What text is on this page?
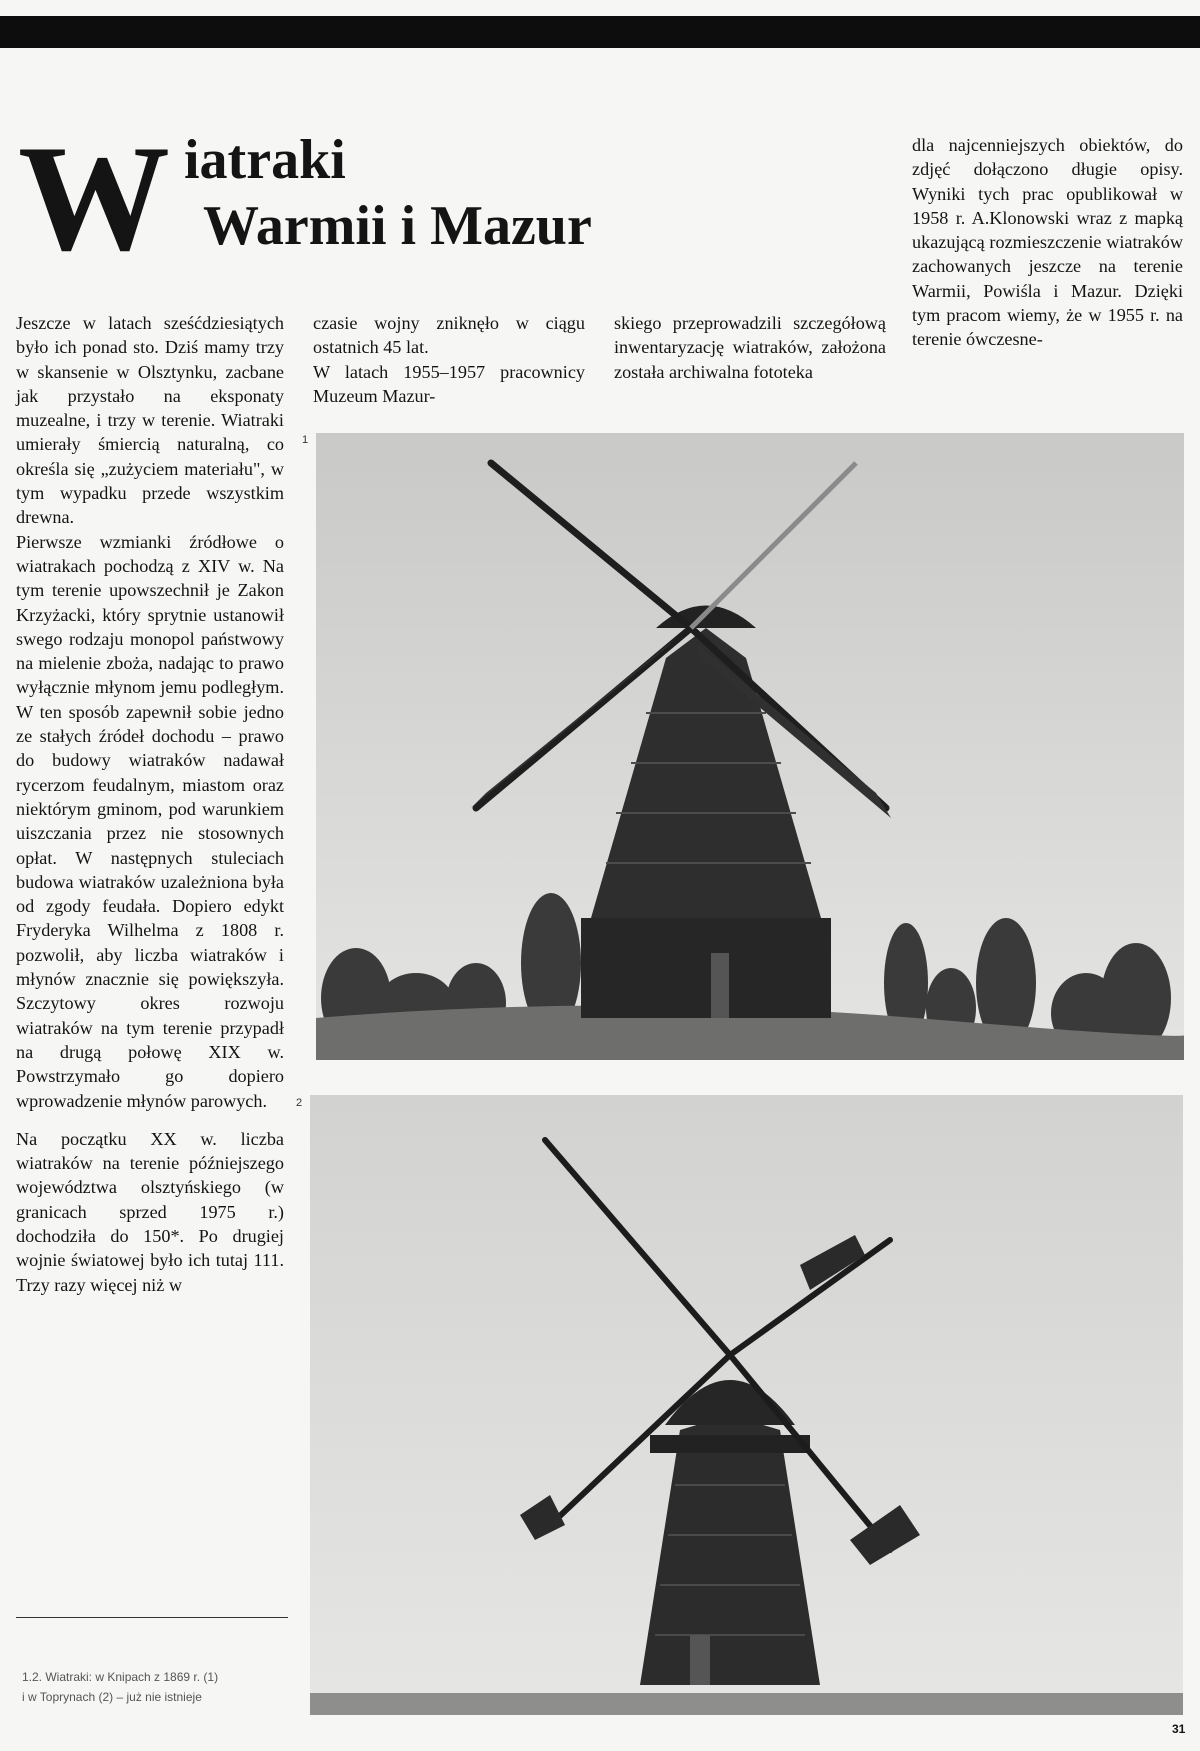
W iatraki
Warmii i Mazur

Jeszcze w latach sześćdziesiątych było ich ponad sto. Dziś mamy trzy w skansenie w Olsztynku, zacbane jak przystało na eksponaty muzealne, i trzy w terenie. Wiatraki umierały śmiercią naturalną, co określa się „zużyciem materiału", w tym wypadku przede wszystkim drewna.

Pierwsze wzmianki źródłowe o wiatrakach pochodzą z XIV w. Na tym terenie upowszechnił je Zakon Krzyżacki, który sprytnie ustanowił swego rodzaju monopol państwowy na mielenie zboża, nadając to prawo wyłącznie młynom jemu podległym. W ten sposób zapewnił sobie jedno ze stałych źródeł dochodu – prawo do budowy wiatraków nadawał rycerzom feudalnym, miastom oraz niektórym gminom, pod warunkiem uiszczania przez nie stosownych opłat. W następnych stuleciach budowa wiatraków uzależniona była od zgody feudała. Dopiero edykt Fryderyka Wilhelma z 1808 r. pozwolił, aby liczba wiatraków i młynów znacznie się powiększyła. Szczytowy okres rozwoju wiatraków na tym terenie przypadł na drugą połowę XIX w. Powstrzymało go dopiero wprowadzenie młynów parowych.

Na początku XX w. liczba wiatraków na terenie późniejszego województwa olsztyńskiego (w granicach sprzed 1975 r.) dochodziła do 150*. Po drugiej wojnie światowej było ich tutaj 111. Trzy razy więcej niż w

czasie wojny zniknęło w ciągu ostatnich 45 lat.

W latach 1955–1957 pracownicy Muzeum Mazur-

skiego przeprowadzili szczegółową inwentaryzację wiatraków, założona została archiwalna fototeka

dla najcenniejszych obiektów, do zdjęć dołączono długie opisy. Wyniki tych prac opublikował w 1958 r. A.Klonowski wraz z mapką ukazującą rozmieszczenie wiatraków zachowanych jeszcze na terenie Warmii, Powiśla i Mazur. Dzięki tym pracom wiemy, że w 1955 r. na terenie ówczesne-

1
2

1.2. Wiatraki: w Knipach z 1869 r. (1)

i w Toprynach (2) – już nie istnieje

31
